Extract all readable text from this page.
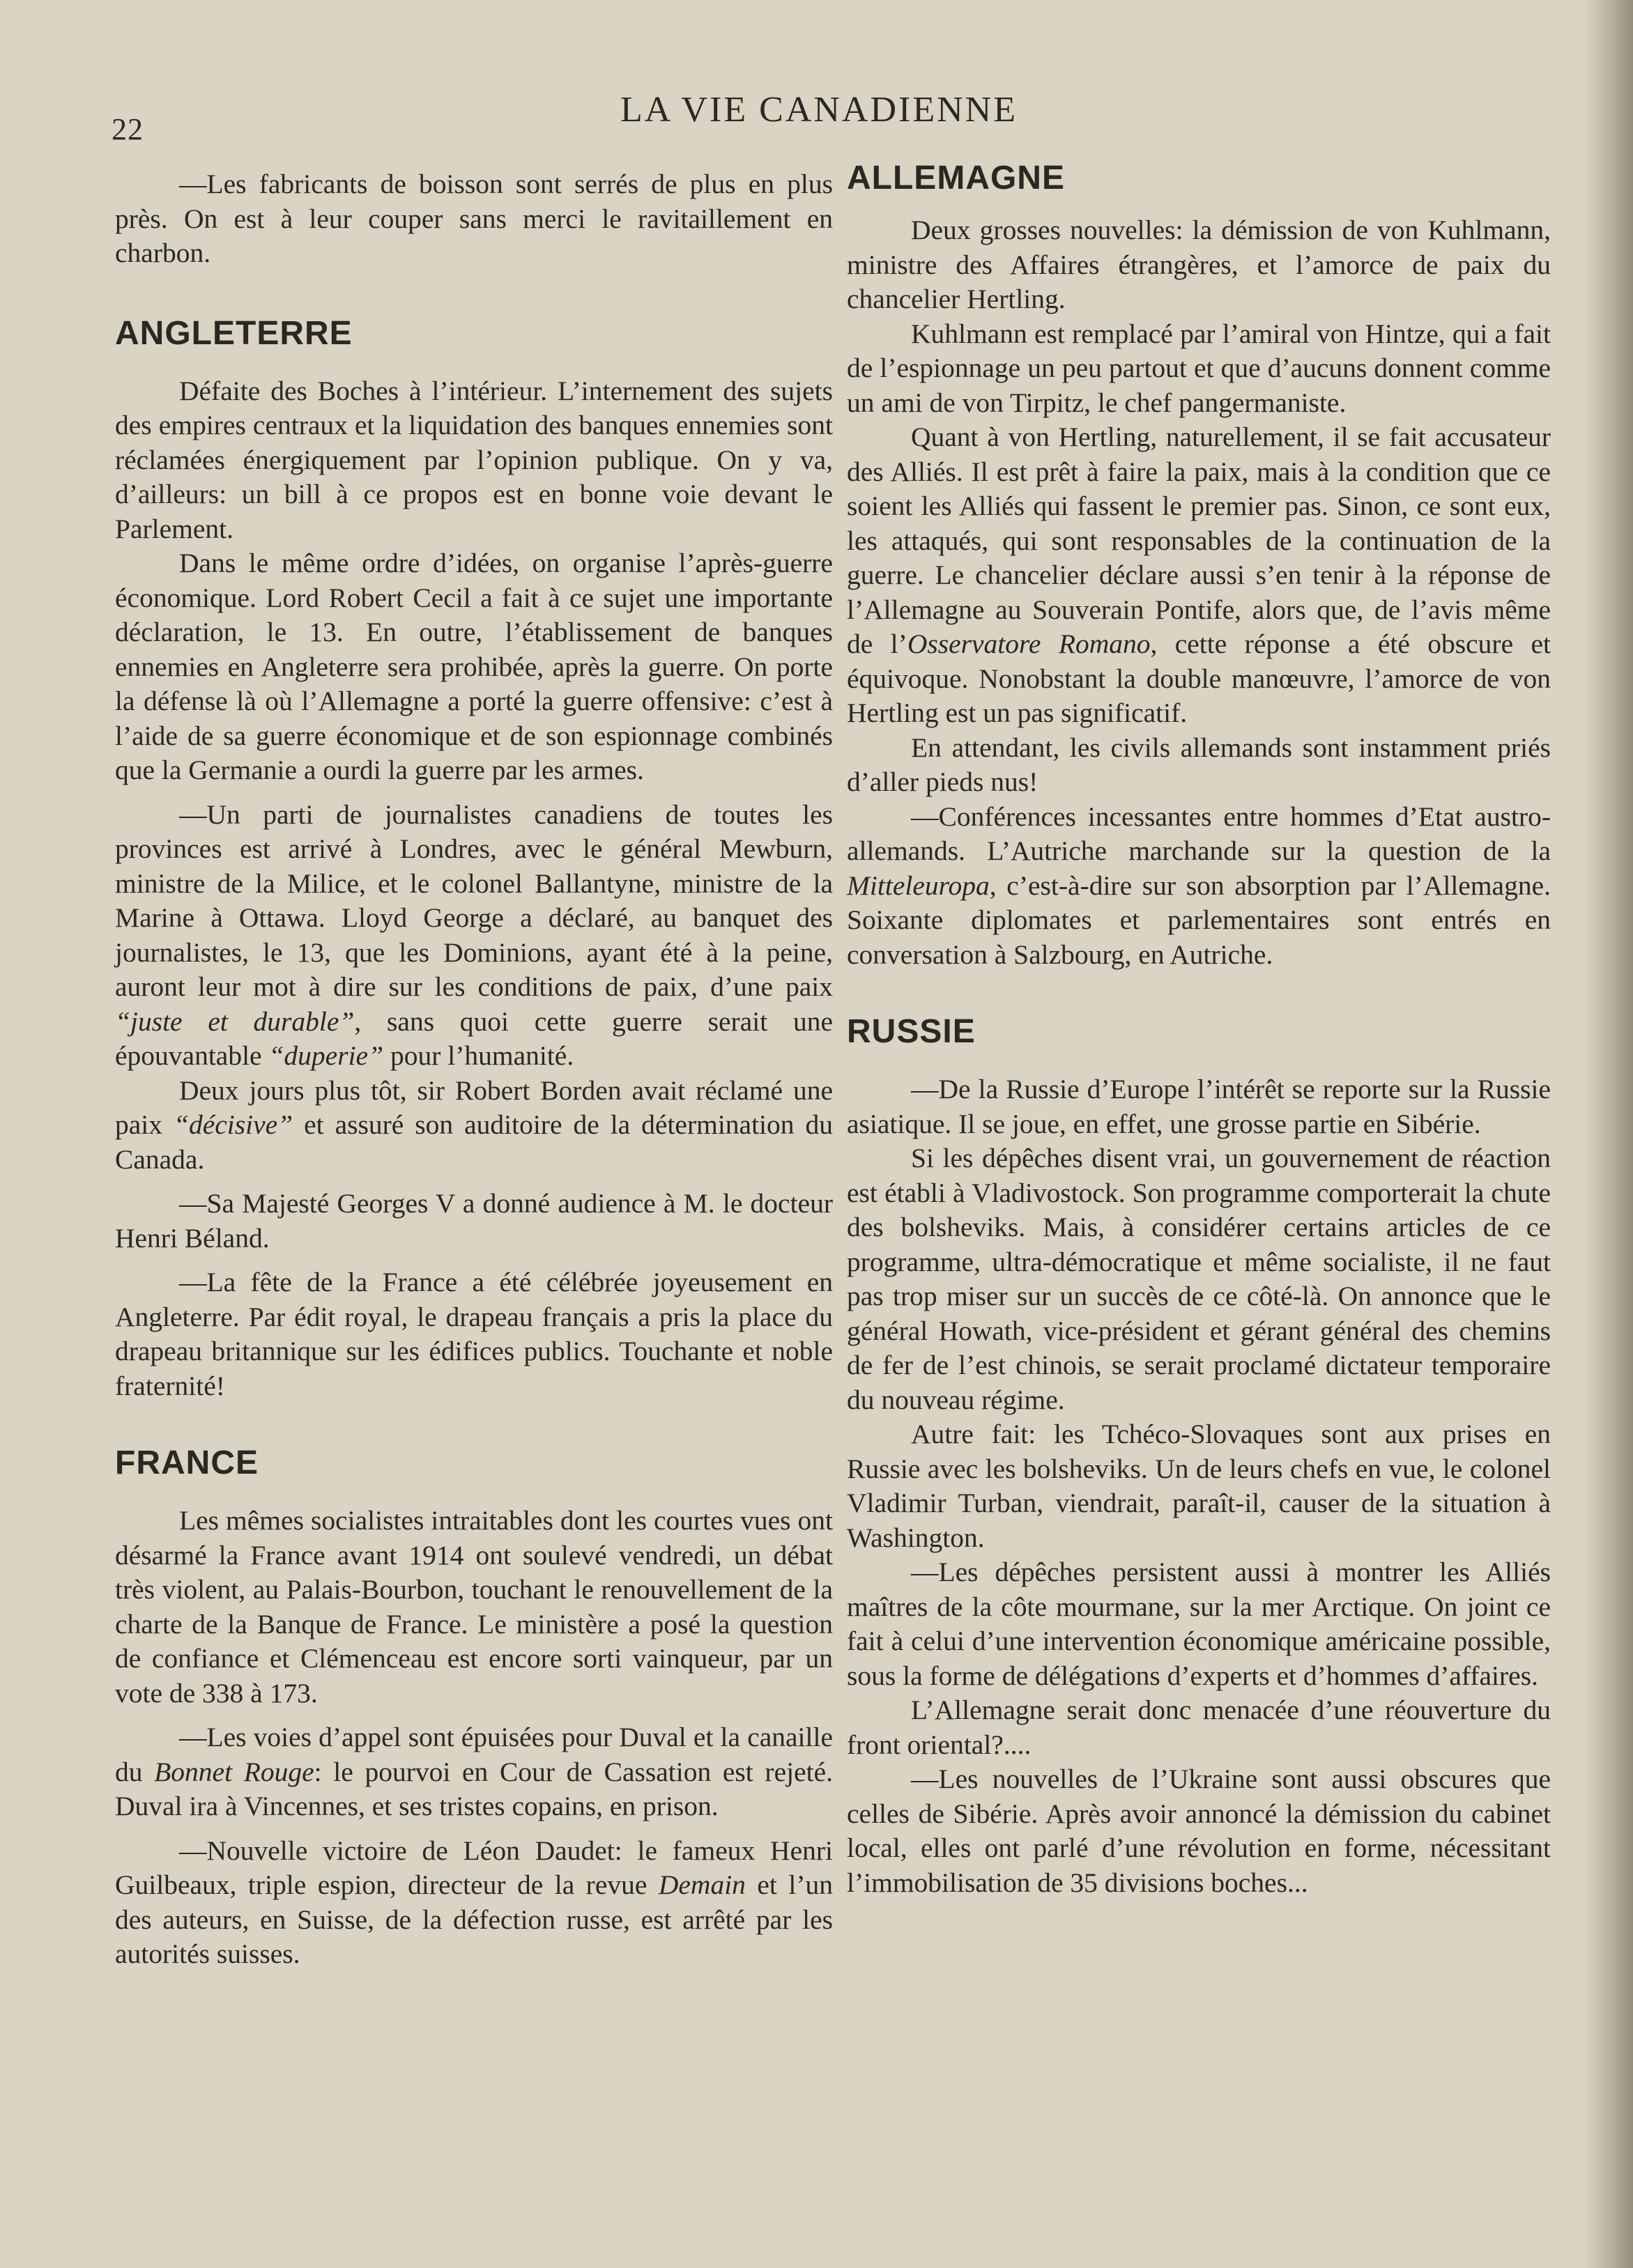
22	LA VIE CANADIENNE

—Les fabricants de boisson sont serrés de plus en plus près. On est à leur couper sans merci le ravitaillement en charbon.

ANGLETERRE

Défaite des Boches à l’intérieur. L’internement des sujets des empires centraux et la liquidation des banques ennemies sont réclamées énergiquement par l’opinion publique. On y va, d’ailleurs: un bill à ce propos est en bonne voie devant le Parlement.

Dans le même ordre d’idées, on organise l’après-guerre économique. Lord Robert Cecil a fait à ce sujet une importante déclaration, le 13. En outre, l’établissement de banques ennemies en Angleterre sera prohibée, après la guerre. On porte la défense là où l’Allemagne a porté la guerre offensive: c’est à l’aide de sa guerre économique et de son espionnage combinés que la Germanie a ourdi la guerre par les armes.

—Un parti de journalistes canadiens de toutes les provinces est arrivé à Londres, avec le général Mewburn, ministre de la Milice, et le colonel Ballantyne, ministre de la Marine à Ottawa. Lloyd George a déclaré, au banquet des journalistes, le 13, que les Dominions, ayant été à la peine, auront leur mot à dire sur les conditions de paix, d’une paix “juste et durable”, sans quoi cette guerre serait une épouvantable “duperie” pour l’humanité.

Deux jours plus tôt, sir Robert Borden avait réclamé une paix “décisive” et assuré son auditoire de la détermination du Canada.

—Sa Majesté Georges V a donné audience à M. le docteur Henri Béland.

—La fête de la France a été célébrée joyeusement en Angleterre. Par édit royal, le drapeau français a pris la place du drapeau britannique sur les édifices publics. Touchante et noble fraternité!

FRANCE

Les mêmes socialistes intraitables dont les courtes vues ont désarmé la France avant 1914 ont soulevé vendredi, un débat très violent, au Palais-Bourbon, touchant le renouvellement de la charte de la Banque de France. Le ministère a posé la question de confiance et Clémenceau est encore sorti vainqueur, par un vote de 338 à 173.

—Les voies d’appel sont épuisées pour Duval et la canaille du Bonnet Rouge: le pourvoi en Cour de Cassation est rejeté. Duval ira à Vincennes, et ses tristes copains, en prison.

—Nouvelle victoire de Léon Daudet: le fameux Henri Guilbeaux, triple espion, directeur de la revue Demain et l’un des auteurs, en Suisse, de la défection russe, est arrêté par les autorités suisses.

ALLEMAGNE

Deux grosses nouvelles: la démission de von Kuhlmann, ministre des Affaires étrangères, et l’amorce de paix du chancelier Hertling.

Kuhlmann est remplacé par l’amiral von Hintze, qui a fait de l’espionnage un peu partout et que d’aucuns donnent comme un ami de von Tirpitz, le chef pangermaniste.

Quant à von Hertling, naturellement, il se fait accusateur des Alliés. Il est prêt à faire la paix, mais à la condition que ce soient les Alliés qui fassent le premier pas. Sinon, ce sont eux, les attaqués, qui sont responsables de la continuation de la guerre. Le chancelier déclare aussi s’en tenir à la réponse de l’Allemagne au Souverain Pontife, alors que, de l’avis même de l’Osservatore Romano, cette réponse a été obscure et équivoque. Nonobstant la double manœuvre, l’amorce de von Hertling est un pas significatif.

En attendant, les civils allemands sont instamment priés d’aller pieds nus!

—Conférences incessantes entre hommes d’Etat austro-allemands. L’Autriche marchande sur la question de la Mitteleuropa, c’est-à-dire sur son absorption par l’Allemagne. Soixante diplomates et parlementaires sont entrés en conversation à Salzbourg, en Autriche.

RUSSIE

—De la Russie d’Europe l’intérêt se reporte sur la Russie asiatique. Il se joue, en effet, une grosse partie en Sibérie.

Si les dépêches disent vrai, un gouvernement de réaction est établi à Vladivostock. Son programme comporterait la chute des bolsheviks. Mais, à considérer certains articles de ce programme, ultra-démocratique et même socialiste, il ne faut pas trop miser sur un succès de ce côté-là. On annonce que le général Howath, vice-président et gérant général des chemins de fer de l’est chinois, se serait proclamé dictateur temporaire du nouveau régime.

Autre fait: les Tchéco-Slovaques sont aux prises en Russie avec les bolsheviks. Un de leurs chefs en vue, le colonel Vladimir Turban, viendrait, paraît-il, causer de la situation à Washington.

—Les dépêches persistent aussi à montrer les Alliés maîtres de la côte mourmane, sur la mer Arctique. On joint ce fait à celui d’une intervention économique américaine possible, sous la forme de délégations d’experts et d’hommes d’affaires.

L’Allemagne serait donc menacée d’une réouverture du front oriental?....

—Les nouvelles de l’Ukraine sont aussi obscures que celles de Sibérie. Après avoir annoncé la démission du cabinet local, elles ont parlé d’une révolution en forme, nécessitant l’immobilisation de 35 divisions boches...
